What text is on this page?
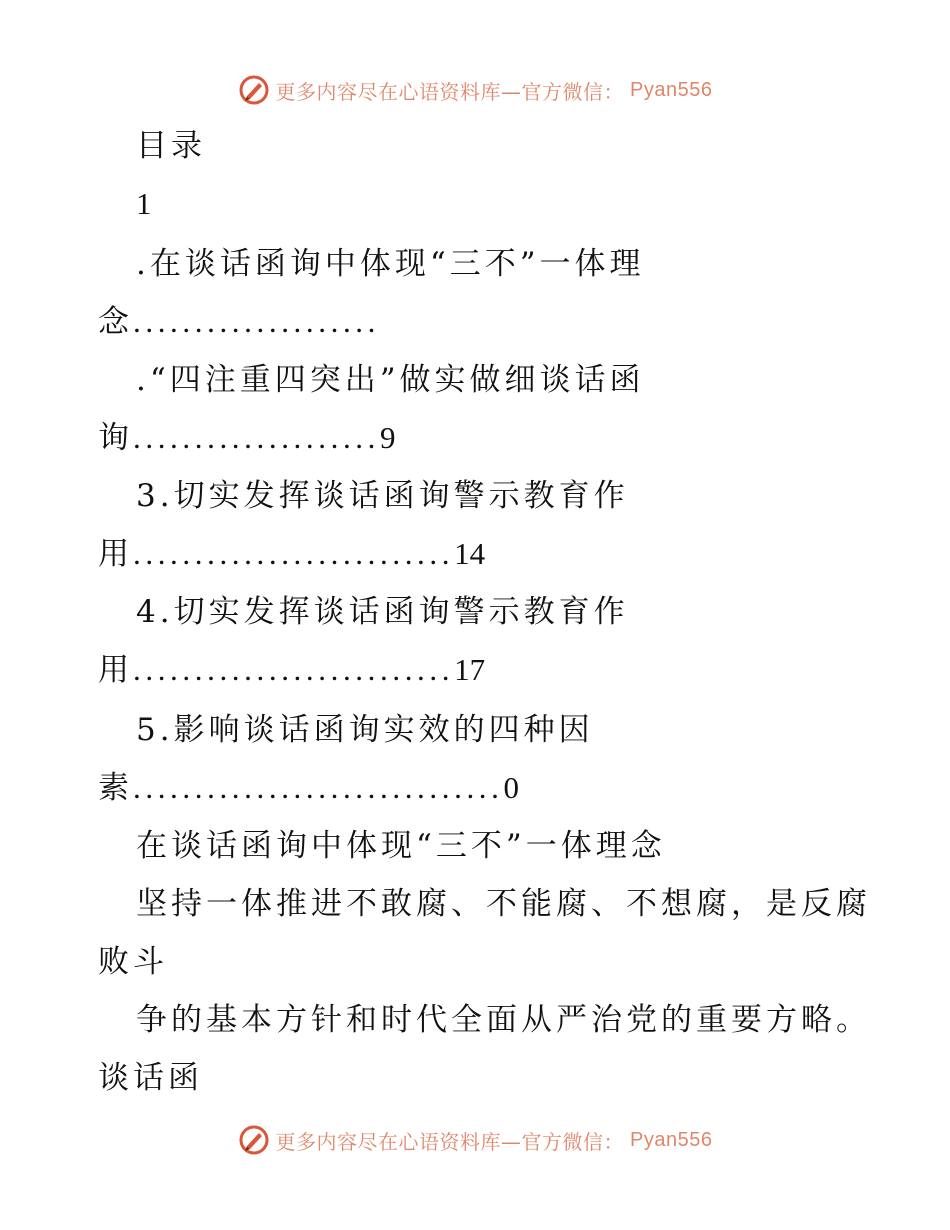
更多内容尽在心语资料库—官方微信： Pyan556
目录
1
.在谈话函询中体现“三不”一体理
念....................
.“四注重四突出”做实做细谈话函
询....................9
3.切实发挥谈话函询警示教育作
用..........................14
4.切实发挥谈话函询警示教育作
用..........................17
5.影响谈话函询实效的四种因
素..............................0
在谈话函询中体现“三不”一体理念
坚持一体推进不敢腐、不能腐、不想腐，是反腐
败斗
争的基本方针和时代全面从严治党的重要方略。
谈话函
更多内容尽在心语资料库—官方微信： Pyan556
